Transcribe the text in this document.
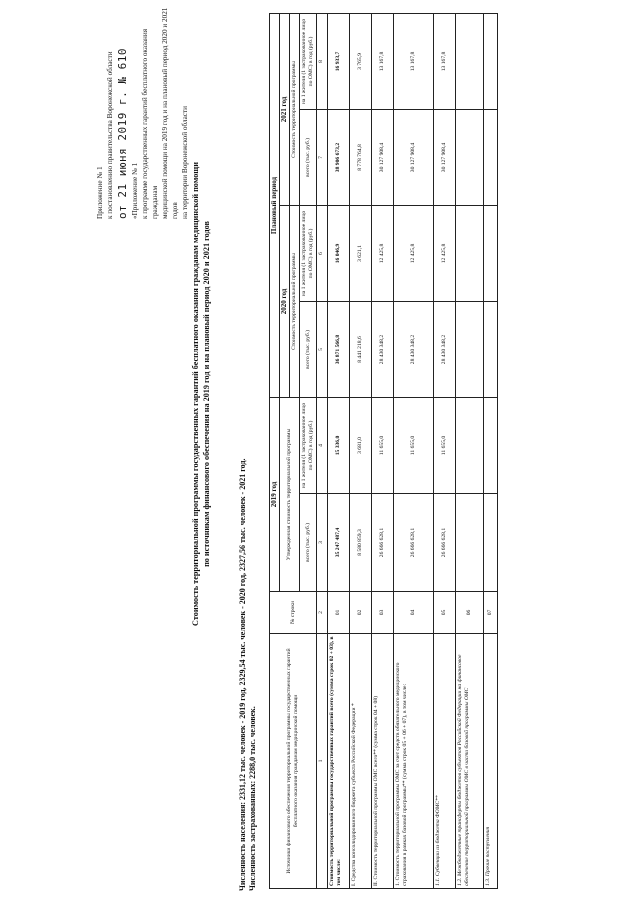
Приложение № 1 к постановлению правительства Воронежской области от 21 июня 2019 г. № 610 «Приложение № 1 к программе государственных гарантий бесплатного оказания гражданам медицинской помощи на 2019 год и на плановый период 2020 и 2021 годов на территории Воронежской области Стоимость территориальной программы государственных гарантий бесплатного оказания гражданам медицинской помощи по источникам финансового обеспечения на 2019 год и на плановый период 2020 и 2021 годов
Численность населения: 2331,12 тыс. человек - 2019 год, 2329,54 тыс. человек - 2020 год, 2327,56 тыс. человек - 2021 год. Численность застрахованных: 2288,0 тыс. человек.	Источники финансового обеспечения территориальной программы государственных гарантий бесплатного оказания гражданам медицинской помощи	№ строки	2019 год		Плановый период			
		Утвержденная стоимость территориальной программы		2020 год		2021 год	
				Стоимость территориальной программы		Стоимость территориальной программы	
		всего (тыс. руб.)	на 1 жителя (1 застрахованное лицо по ОМС) в год (руб.)	всего (тыс. руб.)	на 1 жителя (1 застрахованное лицо по ОМС) в год (руб.)	всего (тыс. руб.)	на 1 жителя (1 застрахованное лицо по ОМС) в год (руб.)
1	2	3	4	5	6	7	8
Стоимость территориальной программы государственных гарантий всего (сумма строк 02 + 03), в том числе:	01	35 247 487,4	15 336,0	36 871 566,8	16 046,9	38 906 673,2	16 933,7
I. Средства консолидированного бюджета субъекта Российской Федерации *	02	8 580 859,3	3 681,0	8 441 218,6	3 621,1	8 778 764,8	3 765,9
II. Стоимость территориальной программы ОМС всего** (сумма строк 04 + 08)	03	26 666 628,1	11 655,0	28 430 348,2	12 425,8	30 127 908,4	13 167,8
1. Стоимость территориальной программы ОМС за счет средств обязательного медицинского страхования в рамках базовой программы** (сумма строк 05 + 06 + 07), в том числе:	04	26 666 628,1	11 655,0	28 430 348,2	12 425,8	30 127 908,4	13 167,8
1.1. Субвенции из бюджета ФОМС**	05	26 666 628,1	11 655,0	28 430 348,2	12 425,8	30 127 908,4	13 167,8
1.2. Межбюджетные трансферты бюджетов субъектов Российской Федерации на финансовое обеспечение территориальной программы ОМС в части базовой программы ОМС	06						
1.3. Прочие поступления	07						
